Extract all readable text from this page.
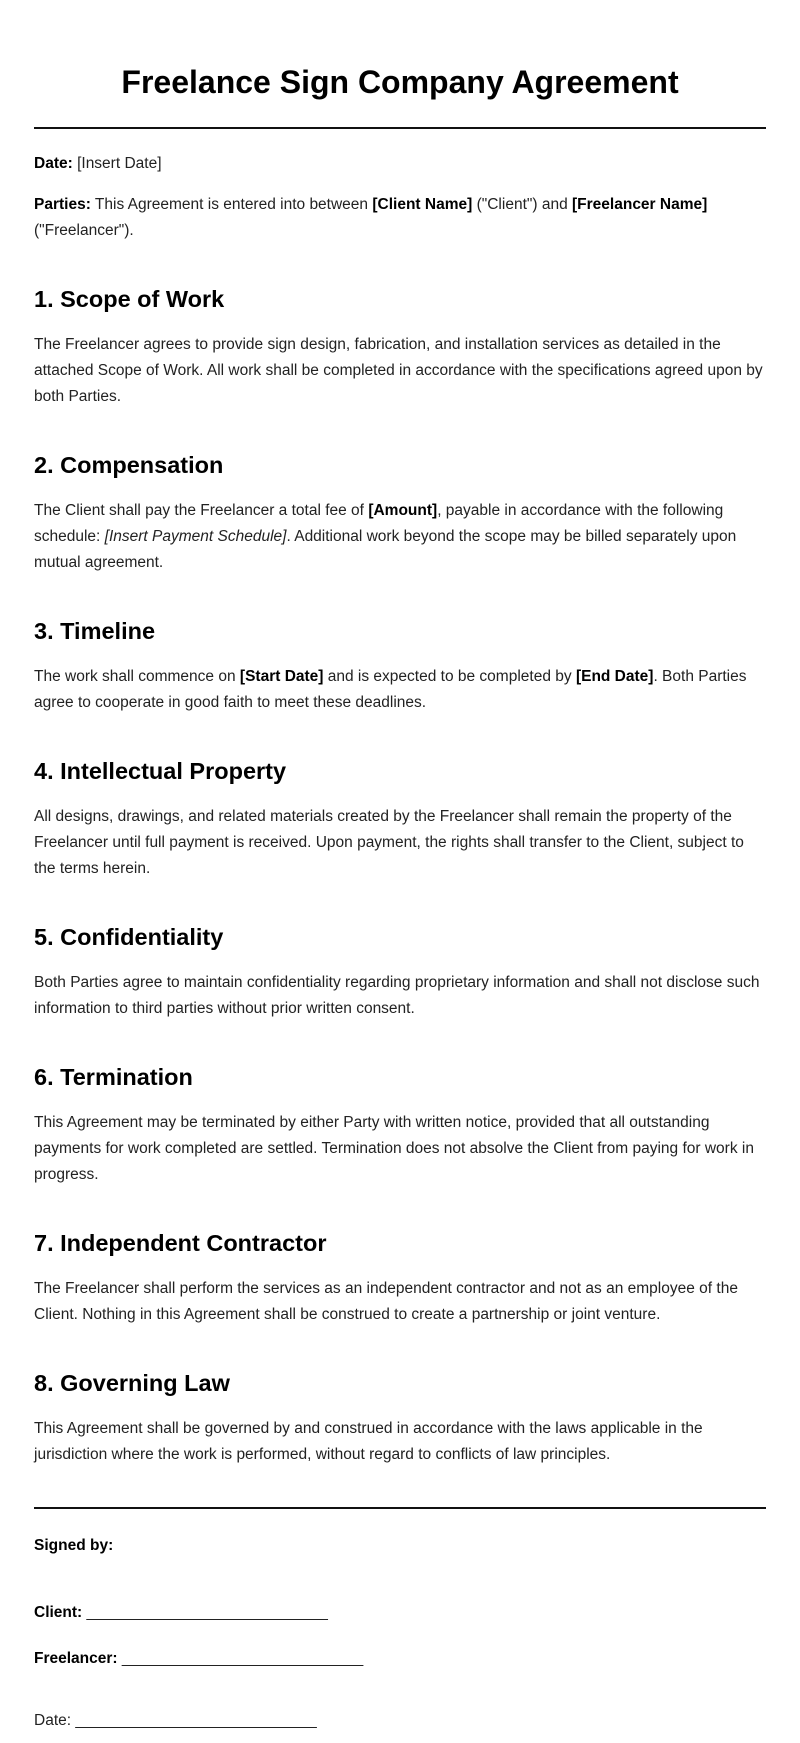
Freelance Sign Company Agreement

Date: [Insert Date]

Parties: This Agreement is entered into between [Client Name] ("Client") and [Freelancer Name] ("Freelancer").

1. Scope of Work

The Freelancer agrees to provide sign design, fabrication, and installation services as detailed in the attached Scope of Work. All work shall be completed in accordance with the specifications agreed upon by both Parties.

2. Compensation

The Client shall pay the Freelancer a total fee of [Amount], payable in accordance with the following schedule: [Insert Payment Schedule]. Additional work beyond the scope may be billed separately upon mutual agreement.

3. Timeline

The work shall commence on [Start Date] and is expected to be completed by [End Date]. Both Parties agree to cooperate in good faith to meet these deadlines.

4. Intellectual Property

All designs, drawings, and related materials created by the Freelancer shall remain the property of the Freelancer until full payment is received. Upon payment, the rights shall transfer to the Client, subject to the terms herein.

5. Confidentiality

Both Parties agree to maintain confidentiality regarding proprietary information and shall not disclose such information to third parties without prior written consent.

6. Termination

This Agreement may be terminated by either Party with written notice, provided that all outstanding payments for work completed are settled. Termination does not absolve the Client from paying for work in progress.

7. Independent Contractor

The Freelancer shall perform the services as an independent contractor and not as an employee of the Client. Nothing in this Agreement shall be construed to create a partnership or joint venture.

8. Governing Law

This Agreement shall be governed by and construed in accordance with the laws applicable in the jurisdiction where the work is performed, without regard to conflicts of law principles.

Signed by:

Client: ____________________________

Freelancer: ____________________________

Date: ____________________________
